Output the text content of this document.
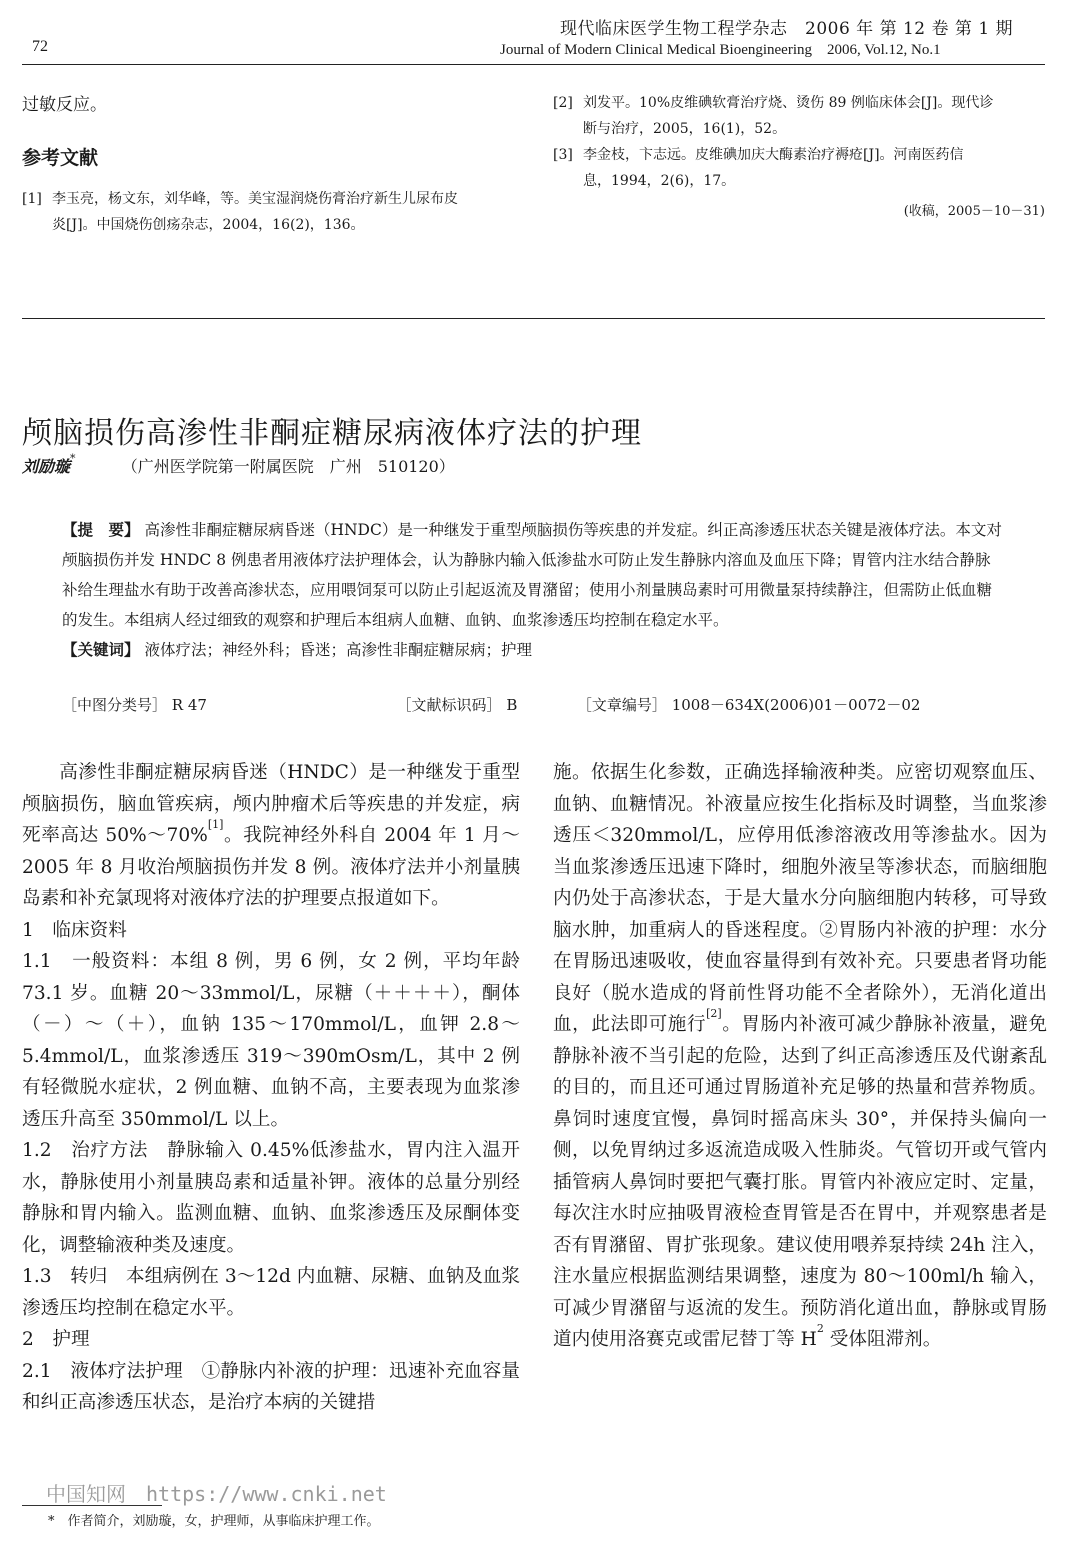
现代临床医学生物工程学杂志　2006 年 第 12 卷 第 1 期
72	Journal of Modern Clinical Medical Bioengineering　2006, Vol.12, No.1
过敏反应。
参考文献
[1] 李玉亮，杨文东，刘华峰，等。美宝湿润烧伤膏治疗新生儿尿布皮
炎[J]。中国烧伤创疡杂志，2004，16(2)，136。
[2] 刘发平。10%皮维碘软膏治疗烧、烫伤 89 例临床体会[J]。现代诊
断与治疗，2005，16(1)，52。
[3] 李金枝，卞志远。皮维碘加庆大酶素治疗褥疮[J]。河南医药信
息，1994，2(6)，17。
(收稿，2005－10－31)
颅脑损伤高渗性非酮症糖尿病液体疗法的护理
刘励璇*	（广州医学院第一附属医院　广州　510120）
【提　要】 高渗性非酮症糖尿病昏迷（HNDC）是一种继发于重型颅脑损伤等疾患的并发症。纠正高渗透压状态关键是液体疗法。本文对颅脑损伤并发 HNDC 8 例患者用液体疗法护理体会，认为静脉内输入低渗盐水可防止发生静脉内溶血及血压下降；胃管内注水结合静脉补给生理盐水有助于改善高渗状态，应用喂饲泵可以防止引起返流及胃潴留；使用小剂量胰岛素时可用微量泵持续静注，但需防止低血糖的发生。本组病人经过细致的观察和护理后本组病人血糖、血钠、血浆渗透压均控制在稳定水平。
【关键词】 液体疗法；神经外科；昏迷；高渗性非酮症糖尿病；护理
［中图分类号］ R 47	［文献标识码］ B	［文章编号］ 1008－634X(2006)01－0072－02

高渗性非酮症糖尿病昏迷（HNDC）是一种继发于重型颅脑损伤，脑血管疾病，颅内肿瘤术后等疾患的并发症，病死率高达 50%～70%[1]。我院神经外科自 2004 年 1 月～2005 年 8 月收治颅脑损伤并发 8 例。液体疗法并小剂量胰岛素和补充氯现将对液体疗法的护理要点报道如下。

1　临床资料

1.1　一般资料：本组 8 例，男 6 例，女 2 例，平均年龄 73.1 岁。血糖 20～33mmol/L，尿糖（＋＋＋＋），酮体（－）～（＋），血钠 135～170mmol/L，血钾 2.8～5.4mmol/L，血浆渗透压 319～390mOsm/L，其中 2 例有轻微脱水症状，2 例血糖、血钠不高，主要表现为血浆渗透压升高至 350mmol/L 以上。

1.2　治疗方法　静脉输入 0.45%低渗盐水，胃内注入温开水，静脉使用小剂量胰岛素和适量补钾。液体的总量分别经静脉和胃内输入。监测血糖、血钠、血浆渗透压及尿酮体变化，调整输液种类及速度。

1.3　转归　本组病例在 3～12d 内血糖、尿糖、血钠及血浆渗透压均控制在稳定水平。

2　护理

2.1　液体疗法护理　①静脉内补液的护理：迅速补充血容量和纠正高渗透压状态，是治疗本病的关键措

施。依据生化参数，正确选择输液种类。应密切观察血压、血钠、血糖情况。补液量应按生化指标及时调整，当血浆渗透压＜320mmol/L，应停用低渗溶液改用等渗盐水。因为当血浆渗透压迅速下降时，细胞外液呈等渗状态，而脑细胞内仍处于高渗状态，于是大量水分向脑细胞内转移，可导致脑水肿，加重病人的昏迷程度。②胃肠内补液的护理：水分在胃肠迅速吸收，使血容量得到有效补充。只要患者肾功能良好（脱水造成的肾前性肾功能不全者除外），无消化道出血，此法即可施行[2]。胃肠内补液可减少静脉补液量，避免静脉补液不当引起的危险，达到了纠正高渗透压及代谢紊乱的目的，而且还可通过胃肠道补充足够的热量和营养物质。鼻饲时速度宜慢，鼻饲时摇高床头 30°，并保持头偏向一侧，以免胃纳过多返流造成吸入性肺炎。气管切开或气管内插管病人鼻饲时要把气囊打胀。胃管内补液应定时、定量，每次注水时应抽吸胃液检查胃管是否在胃中，并观察患者是否有胃潴留、胃扩张现象。建议使用喂养泵持续 24h 注入，注水量应根据监测结果调整，速度为 80～100ml/h 输入，可减少胃潴留与返流的发生。预防消化道出血，静脉或胃肠道内使用洛赛克或雷尼替丁等 $H^2$ 受体阻滞剂。

中国知网　https://www.cnki.net
*　作者简介，刘励璇，女，护理师，从事临床护理工作。
